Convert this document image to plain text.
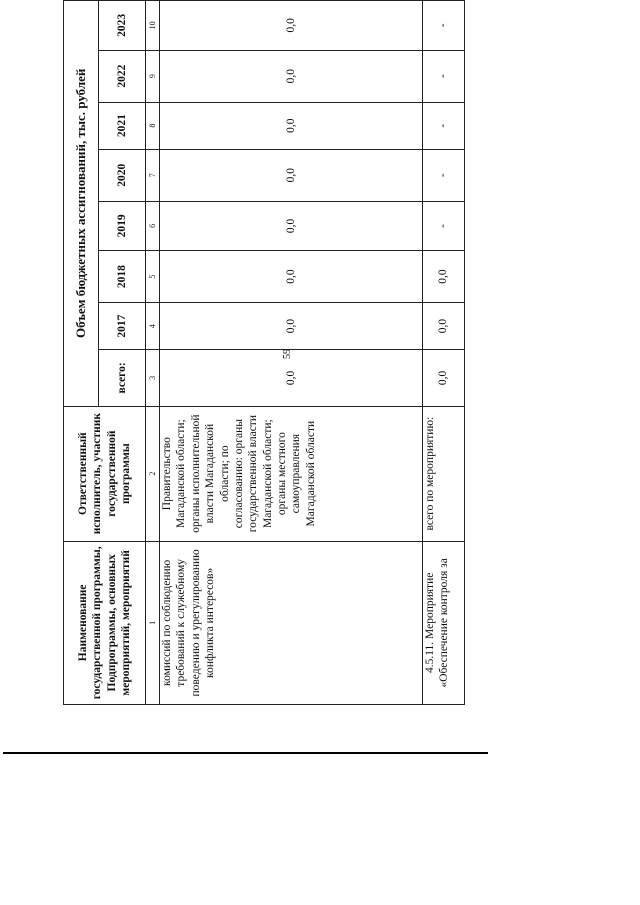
59
Наименование государственной программы, Подпрограммы, основных мероприятий, мероприятий	Ответственный исполнитель, участник государственной программы	Объем бюджетных ассигнований, тыс. рублей							
		всего:	2017	2018	2019	2020	2021	2022	2023
1	2	3	4	5	6	7	8	9	10
комиссий по соблюдению требований к служебному поведению и урегулированию конфликта интересов»	Правительство Магаданской области; органы исполнительной власти Магаданской области; по согласованию: органы государственной власти Магаданской области; органы местного самоуправления Магаданской области	0,0	0,0	0,0	0,0	0,0	0,0	0,0	0,0
4.5.11. Мероприятие «Обеспечение контроля за	всего по мероприятию:	0,0	0,0	0,0	-	-	-	-	-
